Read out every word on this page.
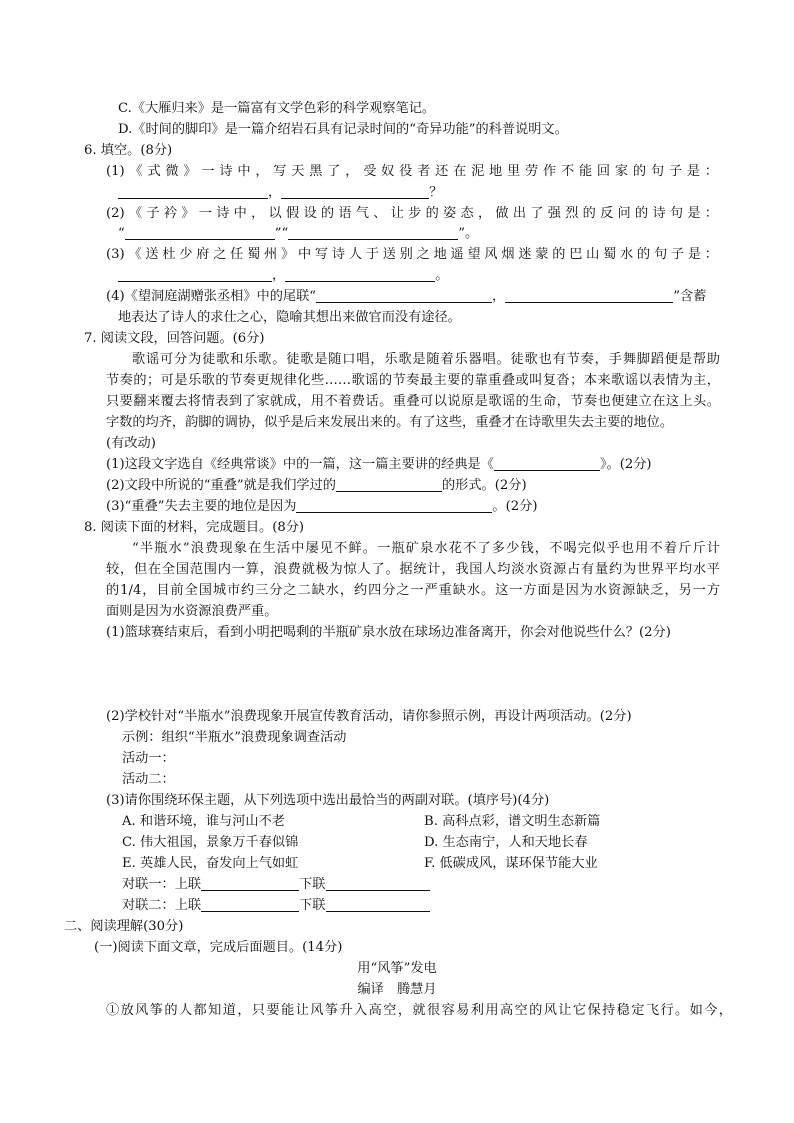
C.《大雁归来》是一篇富有文学色彩的科学观察笔记。
D.《时间的脚印》是一篇介绍岩石具有记录时间的“奇异功能”的科普说明文。
6. 填空。(8分)
(1)《式微》一诗中，写天黑了，受奴役者还在泥地里劳作不能回家的句子是：
，	？
(2)《子衿》一诗中，以假设的语气、让步的姿态，做出了强烈的反问的诗句是：
“	”“	”。
(3)《送杜少府之任蜀州》中写诗人于送别之地遥望风烟迷蒙的巴山蜀水的句子是：
，	。
(4)《望洞庭湖赠张丞相》中的尾联“	，	”含蓄
地表达了诗人的求仕之心，隐喻其想出来做官而没有途径。
7. 阅读文段，回答问题。(6分)
歌谣可分为徒歌和乐歌。徒歌是随口唱，乐歌是随着乐器唱。徒歌也有节奏，手舞脚蹈便是帮助
节奏的；可是乐歌的节奏更规律化些……歌谣的节奏最主要的靠重叠或叫复沓；本来歌谣以表情为主，
只要翻来覆去将情表到了家就成，用不着费话。重叠可以说原是歌谣的生命，节奏也便建立在这上头。
字数的均齐，韵脚的调协，似乎是后来发展出来的。有了这些，重叠才在诗歌里失去主要的地位。
(有改动)
(1)这段文字选自《经典常谈》中的一篇，这一篇主要讲的经典是《	》。(2分)
(2)文段中所说的“重叠”就是我们学过的	的形式。(2分)
(3)“重叠”失去主要的地位是因为	。(2分)
8. 阅读下面的材料，完成题目。(8分)
“半瓶水”浪费现象在生活中屡见不鲜。一瓶矿泉水花不了多少钱，不喝完似乎也用不着斤斤计
较，但在全国范围内一算，浪费就极为惊人了。据统计，我国人均淡水资源占有量约为世界平均水平
的1/4，目前全国城市约三分之二缺水，约四分之一严重缺水。这一方面是因为水资源缺乏，另一方
面则是因为水资源浪费严重。
(1)篮球赛结束后，看到小明把喝剩的半瓶矿泉水放在球场边准备离开，你会对他说些什么？(2分)
(2)学校针对“半瓶水”浪费现象开展宣传教育活动，请你参照示例，再设计两项活动。(2分)
示例：组织“半瓶水”浪费现象调查活动
活动一：
活动二：
(3)请你围绕环保主题，从下列选项中选出最恰当的两副对联。(填序号)(4分)
A. 和谐环境，谁与河山不老	B. 高科点彩，谱文明生态新篇
C. 伟大祖国，景象万千春似锦	D. 生态南宁，人和天地长春
E. 英雄人民，奋发向上气如虹	F. 低碳成风，谋环保节能大业
对联一：上联	下联
对联二：上联	下联
二、阅读理解(30分)
(一)阅读下面文章，完成后面题目。(14分)
用“风筝”发电
编译　腾慧月
①放风筝的人都知道，只要能让风筝升入高空，就很容易利用高空的风让它保持稳定飞行。如今，
